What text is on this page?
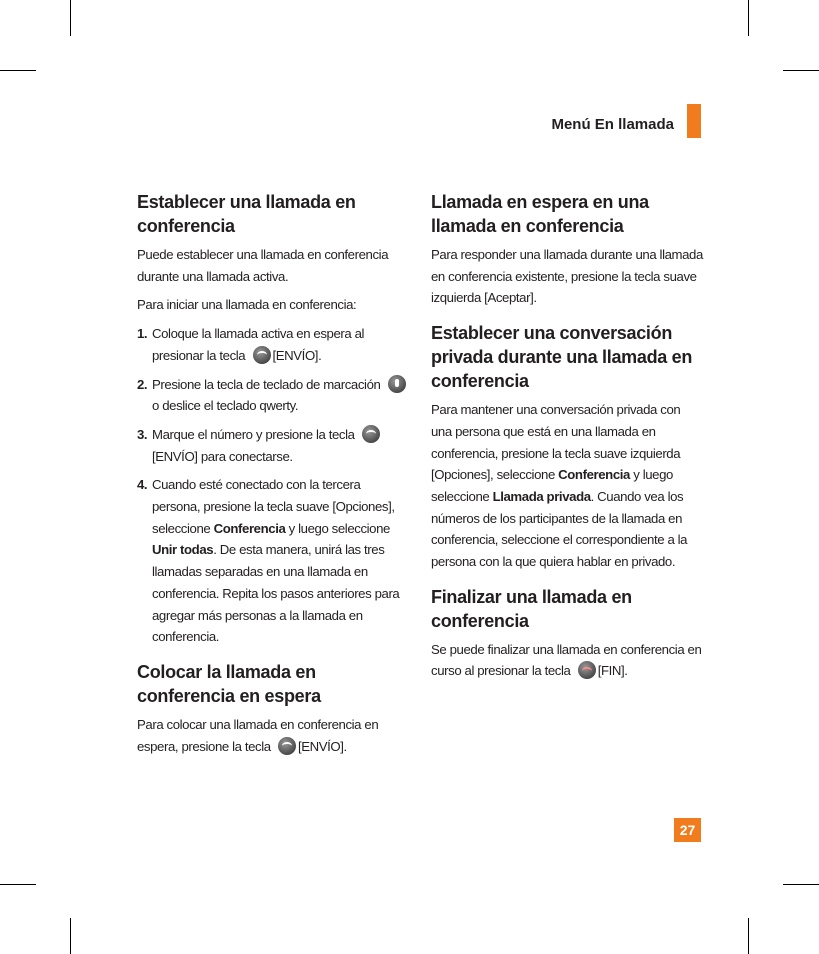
Menú En llamada
27
Establecer una llamada en conferencia

Puede establecer una llamada en conferencia durante una llamada activa.

Para iniciar una llamada en conferencia:

1. Coloque la llamada activa en espera al presionar la tecla [ENVÍO].
2. Presione la tecla de teclado de marcación  o deslice el teclado qwerty.
3. Marque el número y presione la tecla  [ENVÍO] para conectarse.
4. Cuando esté conectado con la tercera persona, presione la tecla suave [Opciones], seleccione Conferencia y luego seleccione Unir todas. De esta manera, unirá las tres llamadas separadas en una llamada en conferencia. Repita los pasos anteriores para agregar más personas a la llamada en conferencia.
Colocar la llamada en conferencia en espera

Para colocar una llamada en conferencia en espera, presione la tecla [ENVÍO].

Llamada en espera en una llamada en conferencia

Para responder una llamada durante una llamada en conferencia existente, presione la tecla suave izquierda [Aceptar].

Establecer una conversación privada durante una llamada en conferencia

Para mantener una conversación privada con una persona que está en una llamada en conferencia, presione la tecla suave izquierda [Opciones], seleccione Conferencia y luego seleccione Llamada privada. Cuando vea los números de los participantes de la llamada en conferencia, seleccione el correspondiente a la persona con la que quiera hablar en privado.

Finalizar una llamada en conferencia

Se puede finalizar una llamada en conferencia en curso al presionar la tecla [FIN].
